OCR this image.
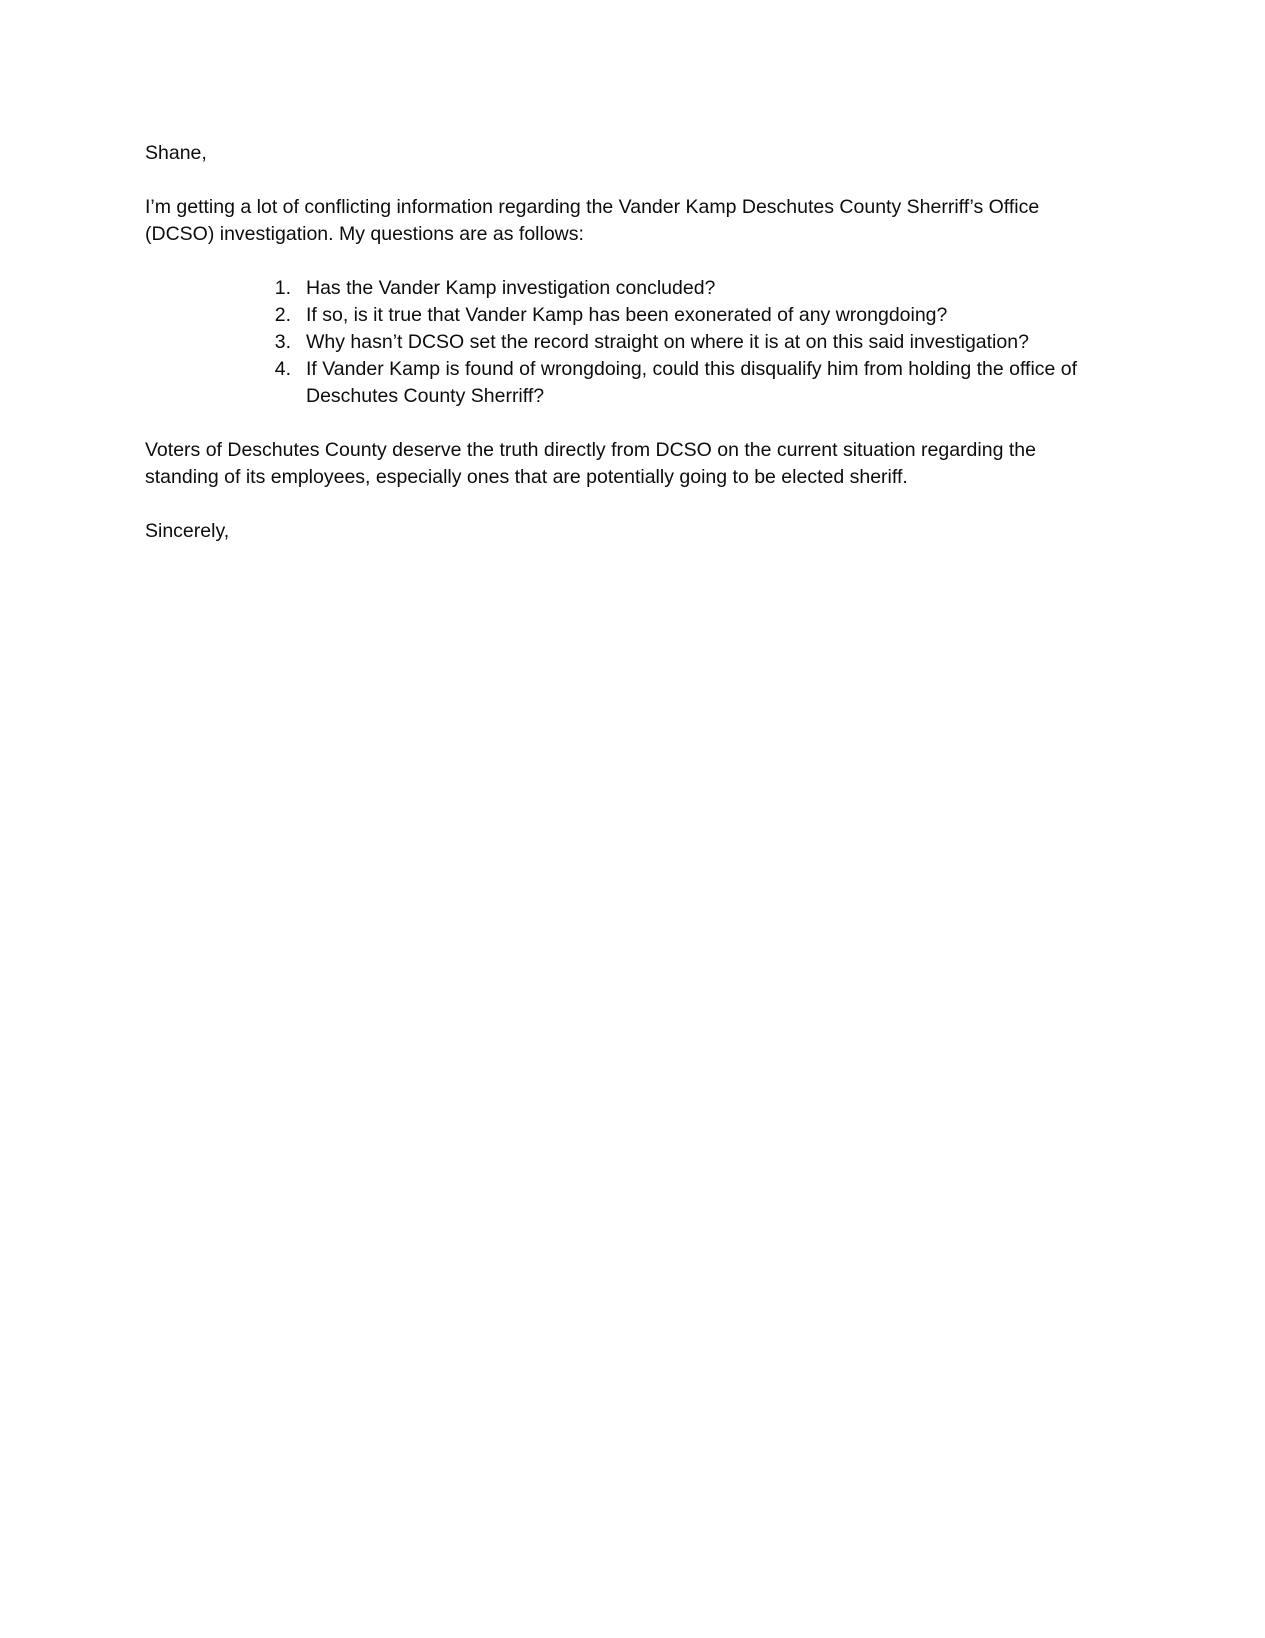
Shane,

I’m getting a lot of conflicting information regarding the Vander Kamp Deschutes County Sherriff’s Office (DCSO) investigation. My questions are as follows:

Has the Vander Kamp investigation concluded?
If so, is it true that Vander Kamp has been exonerated of any wrongdoing?
Why hasn’t DCSO set the record straight on where it is at on this said investigation?
If Vander Kamp is found of wrongdoing, could this disqualify him from holding the office of Deschutes County Sherriff?

Voters of Deschutes County deserve the truth directly from DCSO on the current situation regarding the standing of its employees, especially ones that are potentially going to be elected sheriff.

Sincerely,
